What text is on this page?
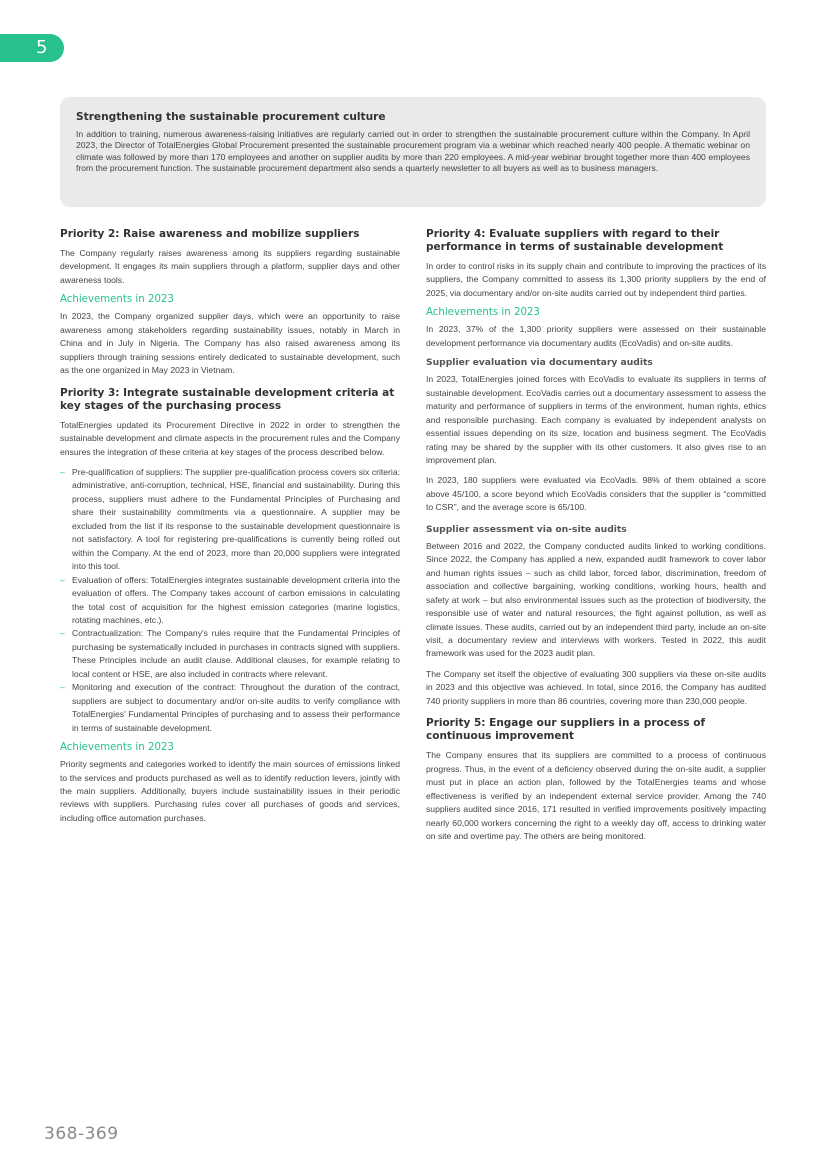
5
Strengthening the sustainable procurement culture

In addition to training, numerous awareness-raising initiatives are regularly carried out in order to strengthen the sustainable procurement culture within the Company. In April 2023, the Director of TotalEnergies Global Procurement presented the sustainable procurement program via a webinar which reached nearly 400 people. A thematic webinar on climate was followed by more than 170 employees and another on supplier audits by more than 220 employees. A mid-year webinar brought together more than 400 employees from the procurement function. The sustainable procurement department also sends a quarterly newsletter to all buyers as well as to business managers.

Priority 2: Raise awareness and mobilize suppliers

The Company regularly raises awareness among its suppliers regarding sustainable development. It engages its main suppliers through a platform, supplier days and other awareness tools.

Achievements in 2023

In 2023, the Company organized supplier days, which were an opportunity to raise awareness among stakeholders regarding sustainability issues, notably in March in China and in July in Nigeria. The Company has also raised awareness among its suppliers through training sessions entirely dedicated to sustainable development, such as the one organized in May 2023 in Vietnam.

Priority 3: Integrate sustainable development criteria at key stages of the purchasing process

TotalEnergies updated its Procurement Directive in 2022 in order to strengthen the sustainable development and climate aspects in the procurement rules and the Company ensures the integration of these criteria at key stages of the process described below.

– Pre-qualification of suppliers: The supplier pre-qualification process covers six criteria: administrative, anti-corruption, technical, HSE, financial and sustainability. During this process, suppliers must adhere to the Fundamental Principles of Purchasing and share their sustainability commitments via a questionnaire. A supplier may be excluded from the list if its response to the sustainable development questionnaire is not satisfactory. A tool for registering pre-qualifications is currently being rolled out within the Company. At the end of 2023, more than 20,000 suppliers were integrated into this tool.
– Evaluation of offers: TotalEnergies integrates sustainable development criteria into the evaluation of offers. The Company takes account of carbon emissions in calculating the total cost of acquisition for the highest emission categories (marine logistics, rotating machines, etc.).
– Contractualization: The Company's rules require that the Fundamental Principles of purchasing be systematically included in purchases in contracts signed with suppliers. These Principles include an audit clause. Additional clauses, for example relating to local content or HSE, are also included in contracts where relevant.
– Monitoring and execution of the contract: Throughout the duration of the contract, suppliers are subject to documentary and/or on-site audits to verify compliance with TotalEnergies' Fundamental Principles of purchasing and to assess their performance in terms of sustainable development.
Achievements in 2023

Priority segments and categories worked to identify the main sources of emissions linked to the services and products purchased as well as to identify reduction levers, jointly with the main suppliers. Additionally, buyers include sustainability issues in their periodic reviews with suppliers. Purchasing rules cover all purchases of goods and services, including office automation purchases.

Priority 4: Evaluate suppliers with regard to their performance in terms of sustainable development

In order to control risks in its supply chain and contribute to improving the practices of its suppliers, the Company committed to assess its 1,300 priority suppliers by the end of 2025, via documentary and/or on-site audits carried out by independent third parties.

Achievements in 2023

In 2023, 37% of the 1,300 priority suppliers were assessed on their sustainable development performance via documentary audits (EcoVadis) and on-site audits.

Supplier evaluation via documentary audits

In 2023, TotalEnergies joined forces with EcoVadis to evaluate its suppliers in terms of sustainable development. EcoVadis carries out a documentary assessment to assess the maturity and performance of suppliers in terms of the environment, human rights, ethics and responsible purchasing. Each company is evaluated by independent analysts on essential issues depending on its size, location and business segment. The EcoVadis rating may be shared by the supplier with its other customers. It also gives rise to an improvement plan.

In 2023, 180 suppliers were evaluated via EcoVadis. 98% of them obtained a score above 45/100, a score beyond which EcoVadis considers that the supplier is “committed to CSR”, and the average score is 65/100.

Supplier assessment via on-site audits

Between 2016 and 2022, the Company conducted audits linked to working conditions. Since 2022, the Company has applied a new, expanded audit framework to cover labor and human rights issues – such as child labor, forced labor, discrimination, freedom of association and collective bargaining, working conditions, working hours, health and safety at work – but also environmental issues such as the protection of biodiversity, the responsible use of water and natural resources, the fight against pollution, as well as climate issues. These audits, carried out by an independent third party, include an on-site visit, a documentary review and interviews with workers. Tested in 2022, this audit framework was used for the 2023 audit plan.

The Company set itself the objective of evaluating 300 suppliers via these on-site audits in 2023 and this objective was achieved. In total, since 2016, the Company has audited 740 priority suppliers in more than 86 countries, covering more than 230,000 people.

Priority 5: Engage our suppliers in a process of continuous improvement

The Company ensures that its suppliers are committed to a process of continuous progress. Thus, in the event of a deficiency observed during the on-site audit, a supplier must put in place an action plan, followed by the TotalEnergies teams and whose effectiveness is verified by an independent external service provider. Among the 740 suppliers audited since 2016, 171 resulted in verified improvements positively impacting nearly 60,000 workers concerning the right to a weekly day off, access to drinking water on site and overtime pay. The others are being monitored.

368-369
